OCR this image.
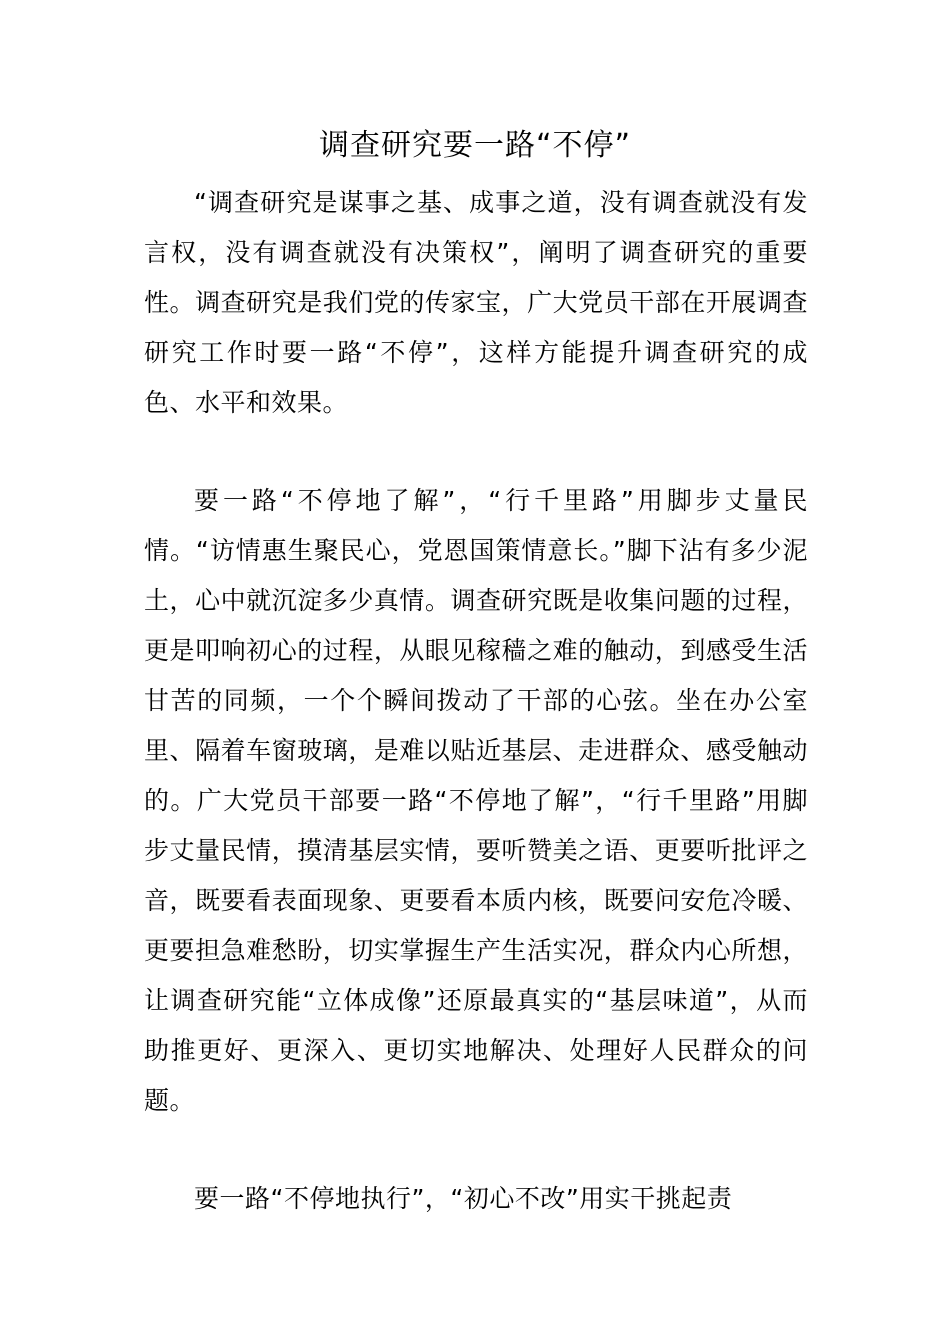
调查研究要一路“不停”

“调查研究是谋事之基、成事之道，没有调查就没有发言权，没有调查就没有决策权”，阐明了调查研究的重要性。调查研究是我们党的传家宝，广大党员干部在开展调查研究工作时要一路“不停”，这样方能提升调查研究的成色、水平和效果。

要一路“不停地了解”，“行千里路”用脚步丈量民情。“访情惠生聚民心，党恩国策情意长。”脚下沾有多少泥土，心中就沉淀多少真情。调查研究既是收集问题的过程，更是叩响初心的过程，从眼见稼穑之难的触动，到感受生活甘苦的同频，一个个瞬间拨动了干部的心弦。坐在办公室里、隔着车窗玻璃，是难以贴近基层、走进群众、感受触动的。广大党员干部要一路“不停地了解”，“行千里路”用脚步丈量民情，摸清基层实情，要听赞美之语、更要听批评之音，既要看表面现象、更要看本质内核，既要问安危冷暖、更要担急难愁盼，切实掌握生产生活实况，群众内心所想，让调查研究能“立体成像”还原最真实的“基层味道”，从而助推更好、更深入、更切实地解决、处理好人民群众的问题。

要一路“不停地执行”，“初心不改”用实干挑起责
